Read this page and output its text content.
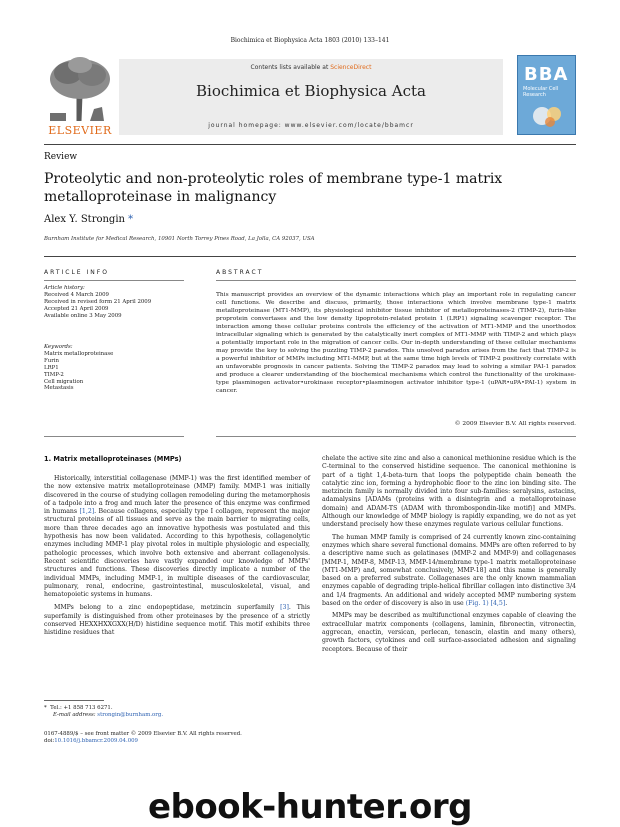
Biochimica et Biophysica Acta 1803 (2010) 133–141
ELSEVIER
Contents lists available at ScienceDirect
Biochimica et Biophysica Acta
journal homepage: www.elsevier.com/locate/bbamcr
BBA
Molecular Cell Research
Review
Proteolytic and non-proteolytic roles of membrane type-1 matrix metalloproteinase in malignancy
Alex Y. Strongin *
Burnham Institute for Medical Research, 10901 North Torrey Pines Road, La Jolla, CA 92037, USA
ARTICLE INFO
Article history:
Received 4 March 2009
Received in revised form 21 April 2009
Accepted 21 April 2009
Available online 3 May 2009
Keywords:
Matrix metalloproteinase
Furin
LRP1
TIMP-2
Cell migration
Metastasis
ABSTRACT
This manuscript provides an overview of the dynamic interactions which play an important role in regulating cancer cell functions. We describe and discuss, primarily, those interactions which involve membrane type-1 matrix metalloproteinase (MT1-MMP), its physiological inhibitor tissue inhibitor of metalloproteinases-2 (TIMP-2), furin-like proprotein convertases and the low density lipoprotein-related protein 1 (LRP1) signaling scavenger receptor. The interaction among these cellular proteins controls the efficiency of the activation of MT1-MMP and the unorthodox intracellular signaling which is generated by the catalytically inert complex of MT1-MMP with TIMP-2 and which plays a potentially important role in the migration of cancer cells. Our in-depth understanding of these cellular mechanisms may provide the key to solving the puzzling TIMP-2 paradox. This unsolved paradox arises from the fact that TIMP-2 is a powerful inhibitor of MMPs including MT1-MMP, but at the same time high levels of TIMP-2 positively correlate with an unfavorable prognosis in cancer patients. Solving the TIMP-2 paradox may lead to solving a similar PAI-1 paradox and produce a clearer understanding of the biochemical mechanisms which control the functionality of the urokinase-type plasminogen activator•urokinase receptor•plasminogen activator inhibitor type-1 (uPAR•uPA•PAI-1) system in cancer.
© 2009 Elsevier B.V. All rights reserved.
1. Matrix metalloproteinases (MMPs)

Historically, interstitial collagenase (MMP-1) was the first identified member of the now extensive matrix metalloproteinase (MMP) family. MMP-1 was initially discovered in the course of studying collagen remodeling during the metamorphosis of a tadpole into a frog and much later the presence of this enzyme was confirmed in humans [1,2]. Because collagens, especially type I collagen, represent the major structural proteins of all tissues and serve as the main barrier to migrating cells, more than three decades ago an innovative hypothesis was postulated and this hypothesis has now been validated. According to this hypothesis, collagenolytic enzymes including MMP-1 play pivotal roles in multiple physiologic and especially, pathologic processes, which involve both extensive and aberrant collagenolysis. Recent scientific discoveries have vastly expanded our knowledge of MMPs' structures and functions. These discoveries directly implicate a number of the individual MMPs, including MMP-1, in multiple diseases of the cardiovascular, pulmonary, renal, endocrine, gastrointestinal, musculoskeletal, visual, and hematopoietic systems in humans.

MMPs belong to a zinc endopeptidase, metzincin superfamily [3]. This superfamily is distinguished from other proteinases by the presence of a strictly conserved HEXXHXXGXX(H/D) histidine sequence motif. This motif exhibits three histidine residues that

chelate the active site zinc and also a canonical methionine residue which is the C-terminal to the conserved histidine sequence. The canonical methionine is part of a tight 1,4-beta-turn that loops the polypeptide chain beneath the catalytic zinc ion, forming a hydrophobic floor to the zinc ion binding site. The metzincin family is normally divided into four sub-families: seralysins, astacins, adamalysins [ADAMs (proteins with a disintegrin and a metalloproteinase domain) and ADAM-TS (ADAM with thrombospondin-like motif)] and MMPs. Although our knowledge of MMP biology is rapidly expanding, we do not as yet understand precisely how these enzymes regulate various cellular functions.

The human MMP family is comprised of 24 currently known zinc-containing enzymes which share several functional domains. MMPs are often referred to by a descriptive name such as gelatinases (MMP-2 and MMP-9) and collagenases [MMP-1, MMP-8, MMP-13, MMP-14/membrane type-1 matrix metalloproteinase (MT1-MMP) and, somewhat conclusively, MMP-18] and this name is generally based on a preferred substrate. Collagenases are the only known mammalian enzymes capable of degrading triple-helical fibrillar collagen into distinctive 3/4 and 1/4 fragments. An additional and widely accepted MMP numbering system based on the order of discovery is also in use (Fig. 1) [4,5].

MMPs may be described as multifunctional enzymes capable of cleaving the extracellular matrix components (collagens, laminin, fibronectin, vitronectin, aggrecan, enactin, versican, perlecan, tenascin, elastin and many others), growth factors, cytokines and cell surface-associated adhesion and signaling receptors. Because of their

* Tel.: +1 858 713 6271.
E-mail address: strongin@burnham.org.
0167-4889/$ – see front matter © 2009 Elsevier B.V. All rights reserved.
doi:10.1016/j.bbamcr.2009.04.009
ebook-hunter.org
